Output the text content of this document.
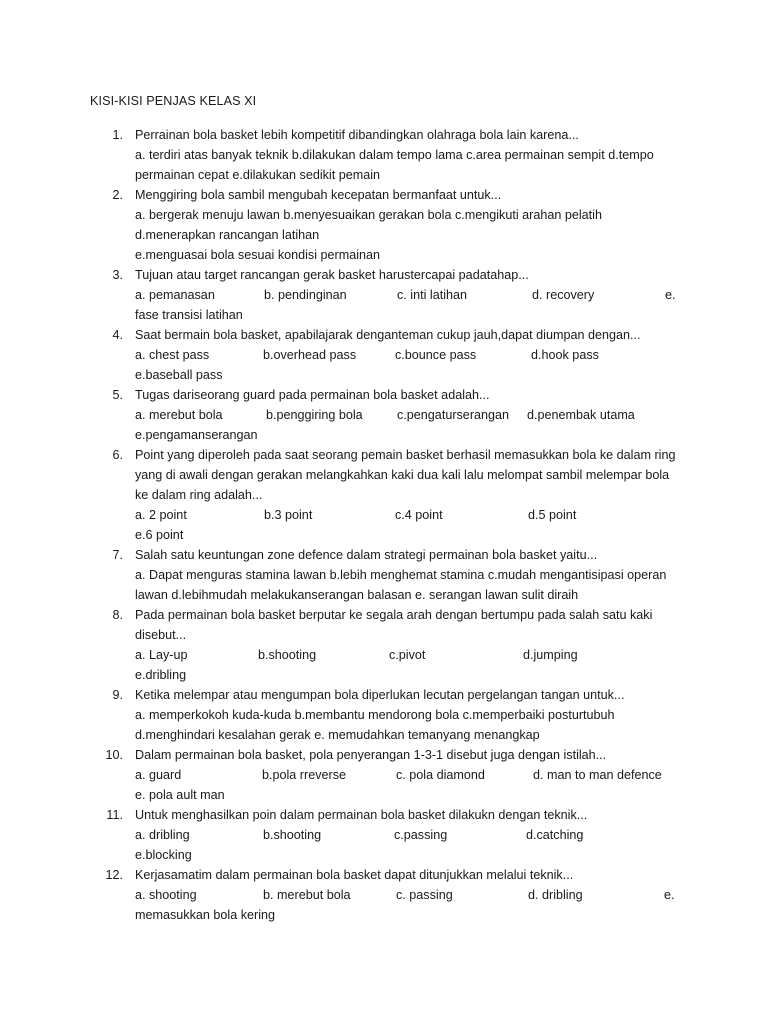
KISI-KISI PENJAS KELAS XI
1. Perrainan bola basket lebih kompetitif dibandingkan olahraga bola lain karena...
a. terdiri atas banyak teknik b.dilakukan dalam tempo lama c.area permainan sempit d.tempo
permainan cepat e.dilakukan sedikit pemain
2. Menggiring bola sambil mengubah kecepatan bermanfaat untuk...
a. bergerak menuju lawan b.menyesuaikan gerakan bola c.mengikuti arahan pelatih
d.menerapkan rancangan latihan
e.menguasai bola sesuai kondisi permainan
3. Tujuan atau target rancangan gerak basket harustercapai padatahap...
a. pemanasan	b. pendinginan	c. inti latihan	d. recovery	e.
fase transisi latihan
4. Saat bermain bola basket, apabilajarak denganteman cukup jauh,dapat diumpan dengan...
a. chest pass	b.overhead pass	c.bounce pass	d.hook pass
e.baseball pass
5. Tugas dariseorang guard pada permainan bola basket adalah...
a. merebut bola	b.penggiring bola	c.pengaturserangan d.penembak utama
e.pengamanserangan
6. Point yang diperoleh pada saat seorang pemain basket berhasil memasukkan bola ke dalam ring
yang di awali dengan gerakan melangkahkan kaki dua kali lalu melompat sambil melempar bola
ke dalam ring adalah...
a. 2 point	b.3 point	c.4 point	d.5 point
e.6 point
7. Salah satu keuntungan zone defence dalam strategi permainan bola basket yaitu...
a. Dapat menguras stamina lawan b.lebih menghemat stamina c.mudah mengantisipasi operan
lawan d.lebihmudah melakukanserangan balasan e. serangan lawan sulit diraih
8. Pada permainan bola basket berputar ke segala arah dengan bertumpu pada salah satu kaki
disebut...
a. Lay-up	b.shooting	c.pivot	d.jumping
e.dribling
9. Ketika melempar atau mengumpan bola diperlukan lecutan pergelangan tangan untuk...
a. memperkokoh kuda-kuda b.membantu mendorong bola c.memperbaiki posturtubuh
d.menghindari kesalahan gerak e. memudahkan temanyang menangkap
10. Dalam permainan bola basket, pola penyerangan 1-3-1 disebut juga dengan istilah...
a. guard	b.pola rreverse	c. pola diamond	d. man to man defence
e. pola ault man
11. Untuk menghasilkan poin dalam permainan bola basket dilakukn dengan teknik...
a. dribling	b.shooting	c.passing	d.catching
e.blocking
12. Kerjasamatim dalam permainan bola basket dapat ditunjukkan melalui teknik...
a. shooting	b. merebut bola	c. passing	d. dribling	e.
memasukkan bola kering
